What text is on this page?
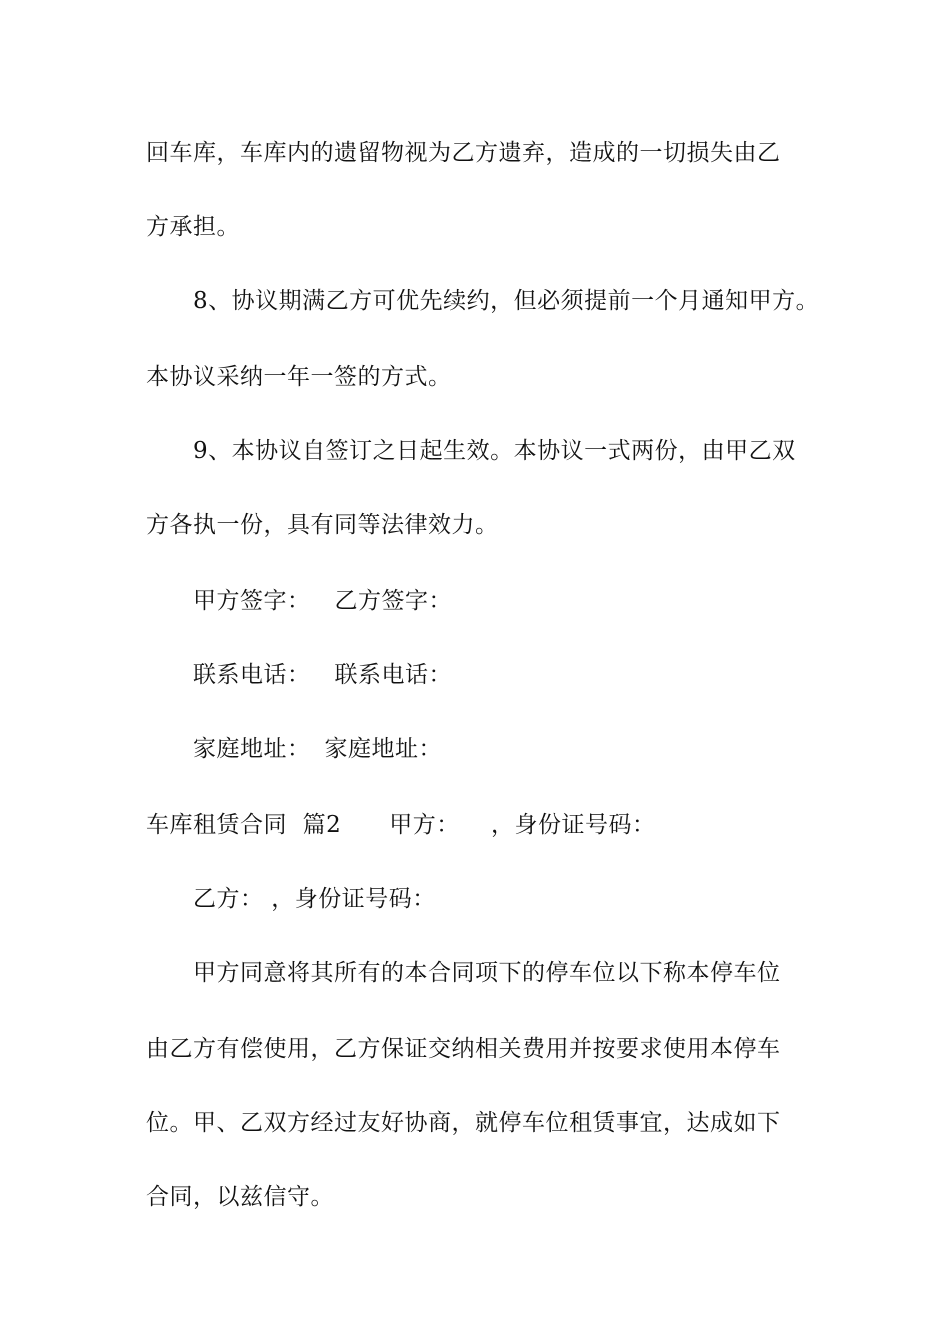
回车库，车库内的遗留物视为乙方遗弃，造成的一切损失由乙
方承担。
8、协议期满乙方可优先续约，但必须提前一个月通知甲方。
本协议采纳一年一签的方式。
9、本协议自签订之日起生效。本协议一式两份，由甲乙双
方各执一份，具有同等法律效力。
甲方签字： 乙方签字：
联系电话： 联系电话：
家庭地址： 家庭地址：
车库租赁合同  篇2 甲方：    ，身份证号码：
乙方： ，身份证号码：
甲方同意将其所有的本合同项下的停车位以下称本停车位
由乙方有偿使用，乙方保证交纳相关费用并按要求使用本停车
位。甲、乙双方经过友好协商，就停车位租赁事宜，达成如下
合同，以兹信守。
